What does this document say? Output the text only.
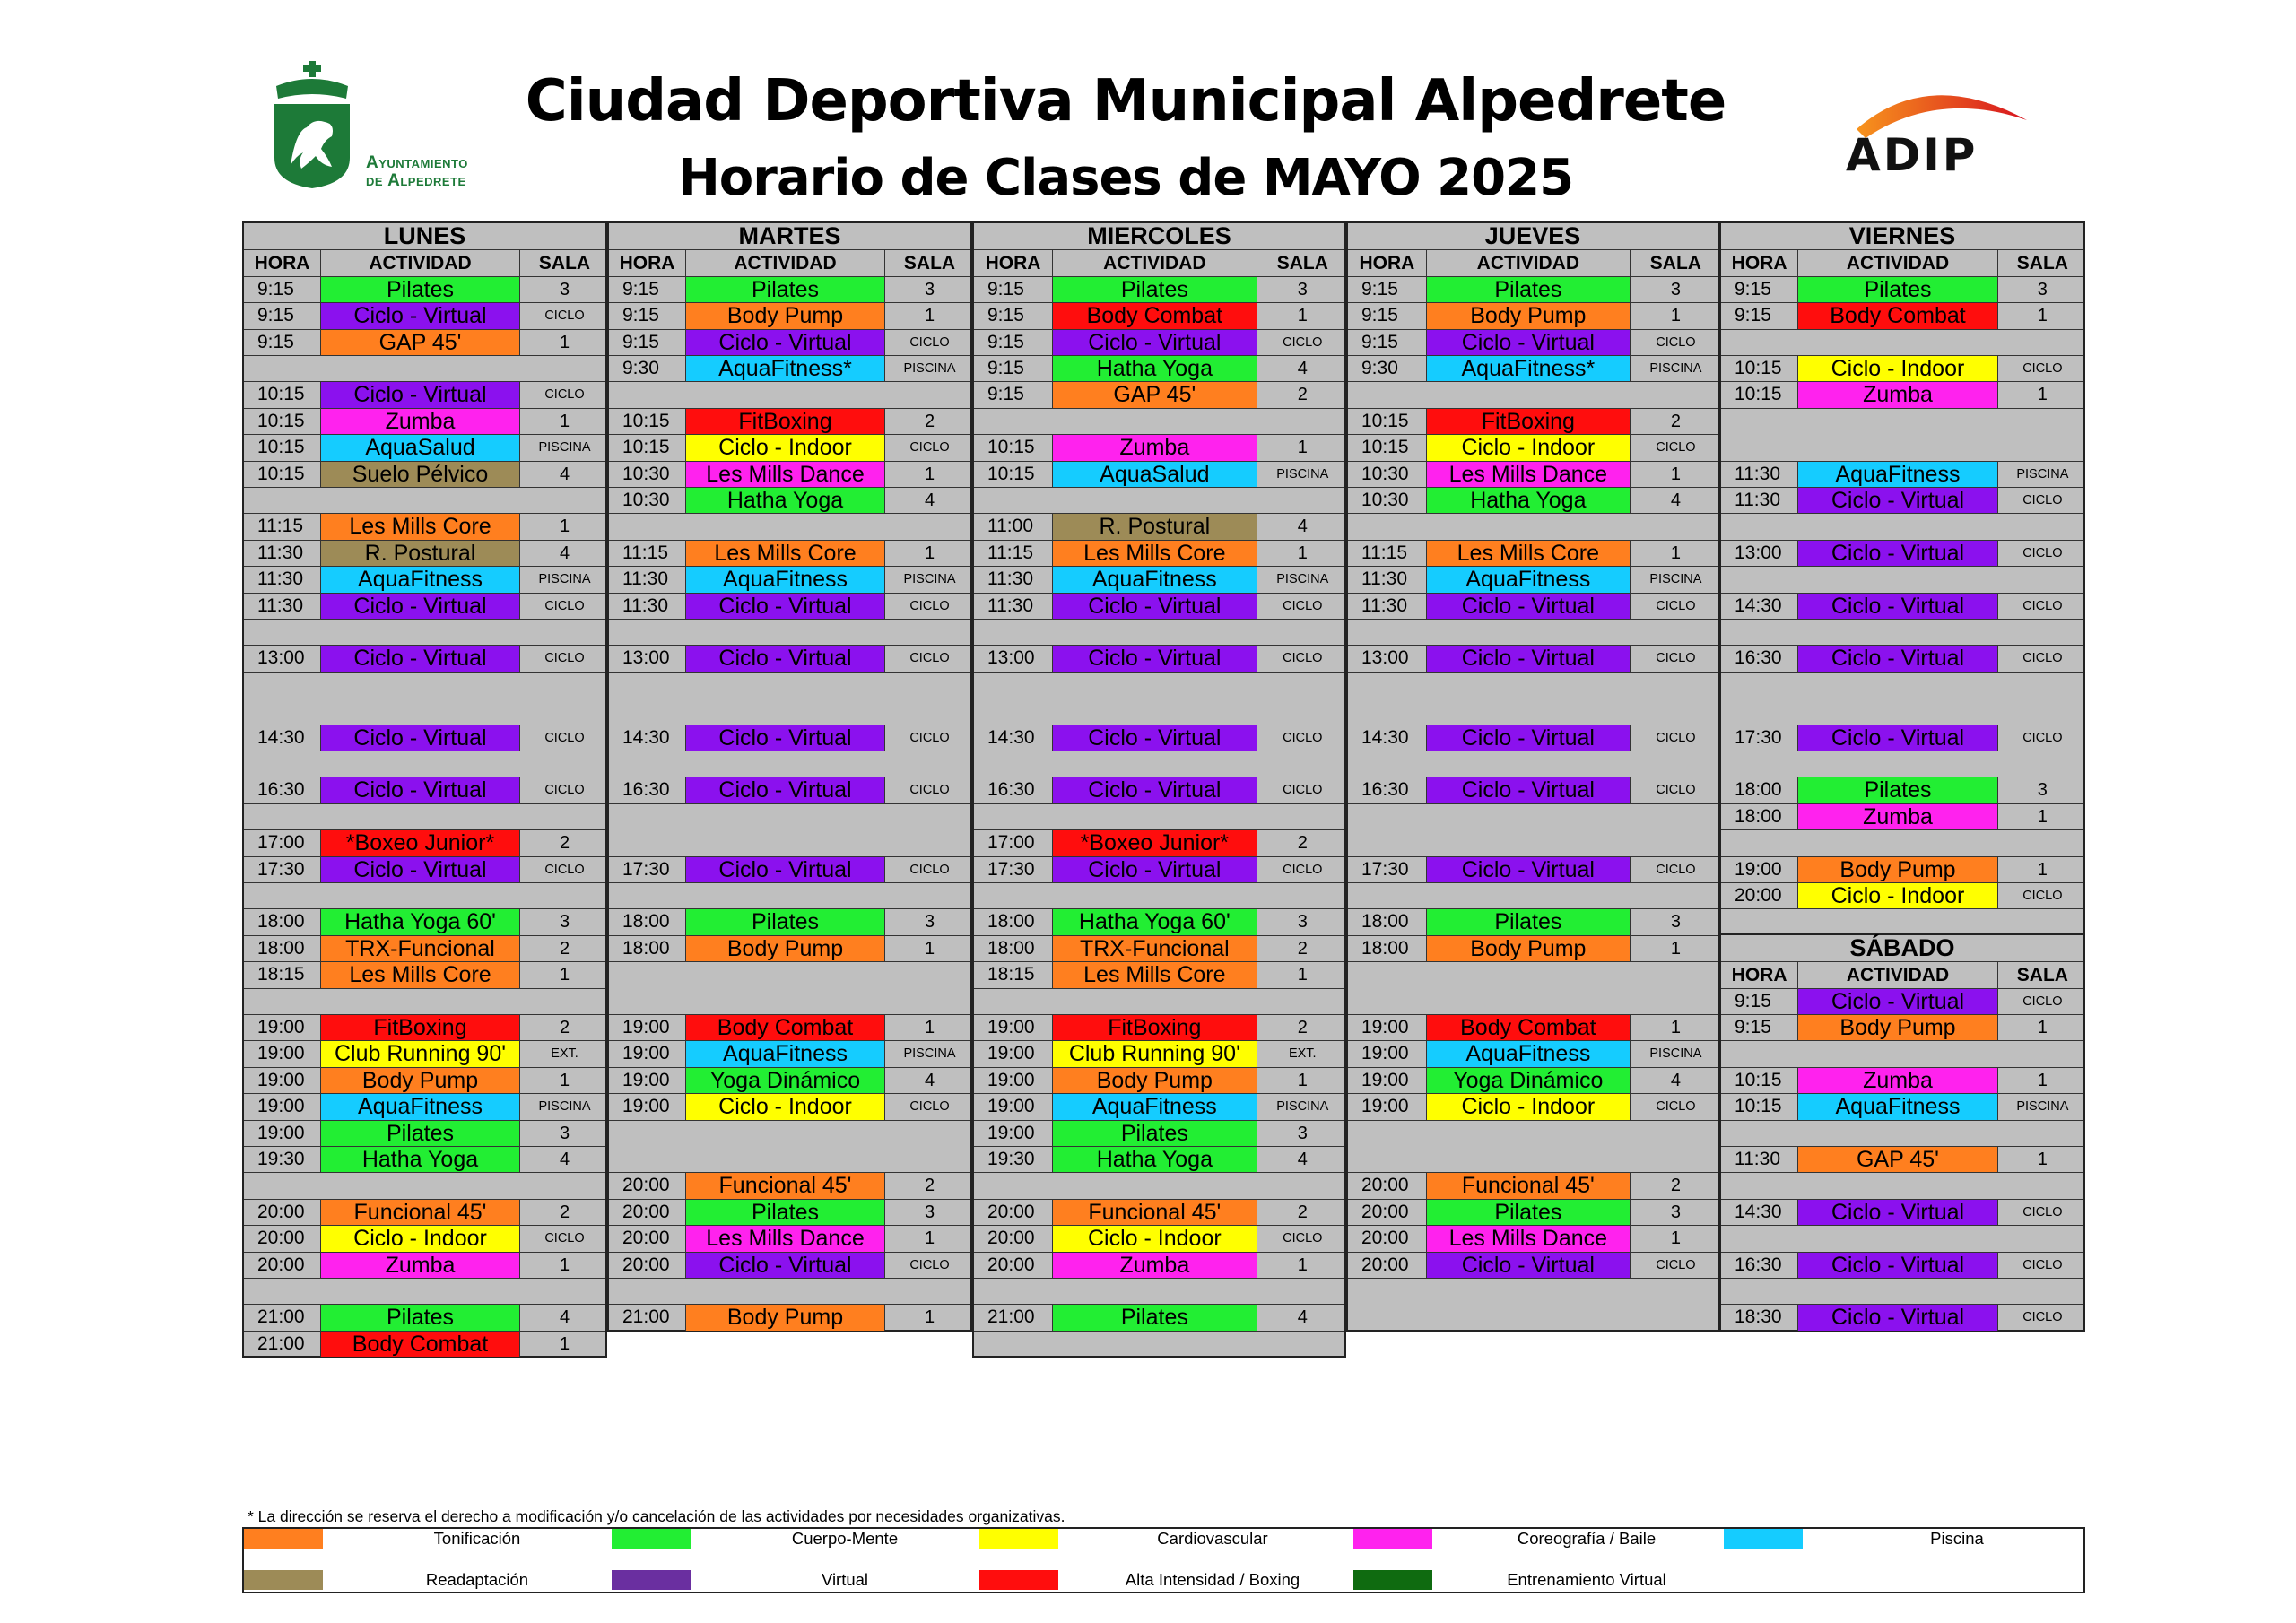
Ayuntamiento
de Alpedrete
Ciudad Deportiva Municipal Alpedrete
Horario de Clases de MAYO 2025	ADIP
LUNES
HORA	ACTIVIDAD	SALA
9:15	Pilates	3
9:15	Ciclo - Virtual	CICLO
9:15	GAP 45'	1
10:15	Ciclo - Virtual	CICLO
10:15	Zumba	1
10:15	AquaSalud	PISCINA
10:15	Suelo Pélvico	4
11:15	Les Mills Core	1
11:30	R. Postural	4
11:30	AquaFitness	PISCINA
11:30	Ciclo - Virtual	CICLO
13:00	Ciclo - Virtual	CICLO
14:30	Ciclo - Virtual	CICLO
16:30	Ciclo - Virtual	CICLO
17:00	*Boxeo Junior*	2
17:30	Ciclo - Virtual	CICLO
18:00	Hatha Yoga 60'	3
18:00	TRX-Funcional	2
18:15	Les Mills Core	1
19:00	FitBoxing	2
19:00	Club Running 90'	EXT.
19:00	Body Pump	1
19:00	AquaFitness	PISCINA
19:00	Pilates	3
19:30	Hatha Yoga	4
20:00	Funcional 45'	2
20:00	Ciclo - Indoor	CICLO
20:00	Zumba	1
21:00	Pilates	4
21:00	Body Combat	1
MARTES
HORA	ACTIVIDAD	SALA
9:15	Pilates	3
9:15	Body Pump	1
9:15	Ciclo - Virtual	CICLO
9:30	AquaFitness*	PISCINA
10:15	FitBoxing	2
10:15	Ciclo - Indoor	CICLO
10:30	Les Mills Dance	1
10:30	Hatha Yoga	4
11:15	Les Mills Core	1
11:30	AquaFitness	PISCINA
11:30	Ciclo - Virtual	CICLO
13:00	Ciclo - Virtual	CICLO
14:30	Ciclo - Virtual	CICLO
16:30	Ciclo - Virtual	CICLO
17:30	Ciclo - Virtual	CICLO
18:00	Pilates	3
18:00	Body Pump	1
19:00	Body Combat	1
19:00	AquaFitness	PISCINA
19:00	Yoga Dinámico	4
19:00	Ciclo - Indoor	CICLO
20:00	Funcional 45'	2
20:00	Pilates	3
20:00	Les Mills Dance	1
20:00	Ciclo - Virtual	CICLO
21:00	Body Pump	1
MIERCOLES
HORA	ACTIVIDAD	SALA
9:15	Pilates	3
9:15	Body Combat	1
9:15	Ciclo - Virtual	CICLO
9:15	Hatha Yoga	4
9:15	GAP 45'	2
10:15	Zumba	1
10:15	AquaSalud	PISCINA
11:00	R. Postural	4
11:15	Les Mills Core	1
11:30	AquaFitness	PISCINA
11:30	Ciclo - Virtual	CICLO
13:00	Ciclo - Virtual	CICLO
14:30	Ciclo - Virtual	CICLO
16:30	Ciclo - Virtual	CICLO
17:00	*Boxeo Junior*	2
17:30	Ciclo - Virtual	CICLO
18:00	Hatha Yoga 60'	3
18:00	TRX-Funcional	2
18:15	Les Mills Core	1
19:00	FitBoxing	2
19:00	Club Running 90'	EXT.
19:00	Body Pump	1
19:00	AquaFitness	PISCINA
19:00	Pilates	3
19:30	Hatha Yoga	4
20:00	Funcional 45'	2
20:00	Ciclo - Indoor	CICLO
20:00	Zumba	1
21:00	Pilates	4
JUEVES
HORA	ACTIVIDAD	SALA
9:15	Pilates	3
9:15	Body Pump	1
9:15	Ciclo - Virtual	CICLO
9:30	AquaFitness*	PISCINA
10:15	FitBoxing	2
10:15	Ciclo - Indoor	CICLO
10:30	Les Mills Dance	1
10:30	Hatha Yoga	4
11:15	Les Mills Core	1
11:30	AquaFitness	PISCINA
11:30	Ciclo - Virtual	CICLO
13:00	Ciclo - Virtual	CICLO
14:30	Ciclo - Virtual	CICLO
16:30	Ciclo - Virtual	CICLO
17:30	Ciclo - Virtual	CICLO
18:00	Pilates	3
18:00	Body Pump	1
19:00	Body Combat	1
19:00	AquaFitness	PISCINA
19:00	Yoga Dinámico	4
19:00	Ciclo - Indoor	CICLO
20:00	Funcional 45'	2
20:00	Pilates	3
20:00	Les Mills Dance	1
20:00	Ciclo - Virtual	CICLO
VIERNES
HORA	ACTIVIDAD	SALA
9:15	Pilates	3
9:15	Body Combat	1
10:15	Ciclo - Indoor	CICLO
10:15	Zumba	1
11:30	AquaFitness	PISCINA
11:30	Ciclo - Virtual	CICLO
13:00	Ciclo - Virtual	CICLO
14:30	Ciclo - Virtual	CICLO
16:30	Ciclo - Virtual	CICLO
17:30	Ciclo - Virtual	CICLO
18:00	Pilates	3
18:00	Zumba	1
19:00	Body Pump	1
20:00	Ciclo - Indoor	CICLO
SÁBADO
HORA	ACTIVIDAD	SALA
9:15	Ciclo - Virtual	CICLO
9:15	Body Pump	1
10:15	Zumba	1
10:15	AquaFitness	PISCINA
11:30	GAP 45'	1
14:30	Ciclo - Virtual	CICLO
16:30	Ciclo - Virtual	CICLO
18:30	Ciclo - Virtual	CICLO
* La dirección se reserva el derecho a modificación y/o cancelación de las actividades por necesidades organizativas.
Tonificación	Cuerpo-Mente	Cardiovascular	Coreografía / Baile	Piscina
Readaptación	Virtual	Alta Intensidad / Boxing	Entrenamiento Virtual
